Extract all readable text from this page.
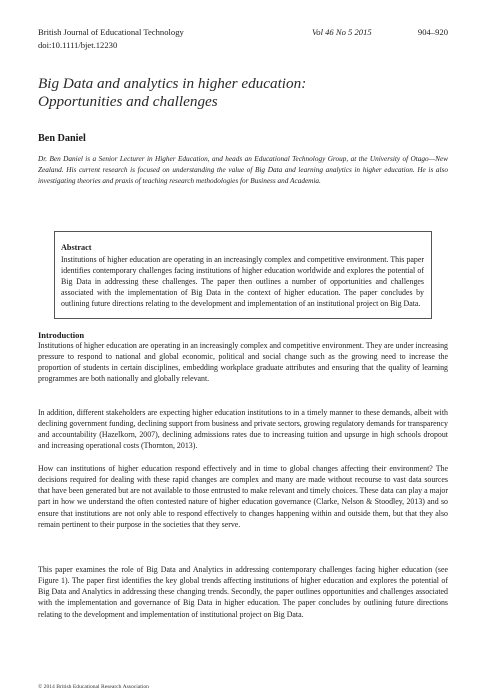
British Journal of Educational Technology	Vol 46 No 5 2015	904–920
doi:10.1111/bjet.12230
Big Data and analytics in higher education:
Opportunities and challenges
Ben Daniel
Dr. Ben Daniel is a Senior Lecturer in Higher Education, and heads an Educational Technology Group, at the University of Otago—New Zealand. His current research is focused on understanding the value of Big Data and learning analytics in higher education. He is also investigating theories and praxis of teaching research methodologies for Business and Academia.
Abstract
Institutions of higher education are operating in an increasingly complex and competitive environment. This paper identifies contemporary challenges facing institutions of higher education worldwide and explores the potential of Big Data in addressing these challenges. The paper then outlines a number of opportunities and challenges associated with the implementation of Big Data in the context of higher education. The paper concludes by outlining future directions relating to the development and implementation of an institutional project on Big Data.
Introduction
Institutions of higher education are operating in an increasingly complex and competitive environment. They are under increasing pressure to respond to national and global economic, political and social change such as the growing need to increase the proportion of students in certain disciplines, embedding workplace graduate attributes and ensuring that the quality of learning programmes are both nationally and globally relevant.
In addition, different stakeholders are expecting higher education institutions to in a timely manner to these demands, albeit with declining government funding, declining support from business and private sectors, growing regulatory demands for transparency and accountability (Hazelkorn, 2007), declining admissions rates due to increasing tuition and upsurge in high schools dropout and increasing operational costs (Thornton, 2013).
How can institutions of higher education respond effectively and in time to global changes affecting their environment? The decisions required for dealing with these rapid changes are complex and many are made without recourse to vast data sources that have been generated but are not available to those entrusted to make relevant and timely choices. These data can play a major part in how we understand the often contested nature of higher education governance (Clarke, Nelson & Stoodley, 2013) and so ensure that institutions are not only able to respond effectively to changes happening within and outside them, but that they also remain pertinent to their purpose in the societies that they serve.
This paper examines the role of Big Data and Analytics in addressing contemporary challenges facing higher education (see Figure 1). The paper first identifies the key global trends affecting institutions of higher education and explores the potential of Big Data and Analytics in addressing these changing trends. Secondly, the paper outlines opportunities and challenges associated with the implementation and governance of Big Data in higher education. The paper concludes by outlining future directions relating to the development and implementation of institutional project on Big Data.
© 2014 British Educational Research Association
